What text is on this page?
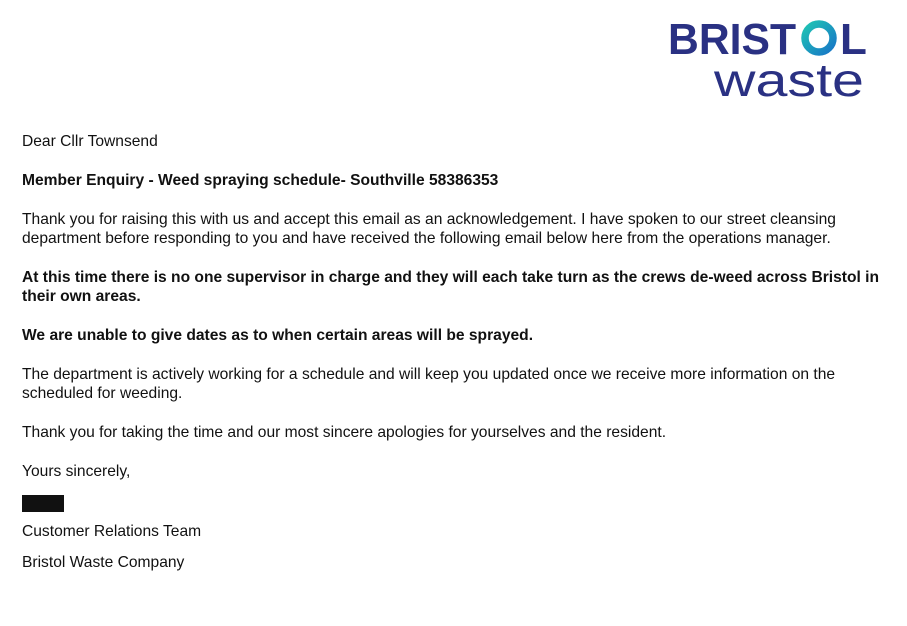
BRIST L
waste

Dear Cllr Townsend

Member Enquiry - Weed spraying schedule- Southville 58386353

Thank you for raising this with us and accept this email as an acknowledgement. I have spoken to our street cleansing department before responding to you and have received the following email below here from the operations manager.

At this time there is no one supervisor in charge and they will each take turn as the crews de-weed across Bristol in their own areas.

We are unable to give dates as to when certain areas will be sprayed.

The department is actively working for a schedule and will keep you updated once we receive more information on the scheduled for weeding.

Thank you for taking the time and our most sincere apologies for yourselves and the resident.

Yours sincerely,

Customer Relations Team

Bristol Waste Company
